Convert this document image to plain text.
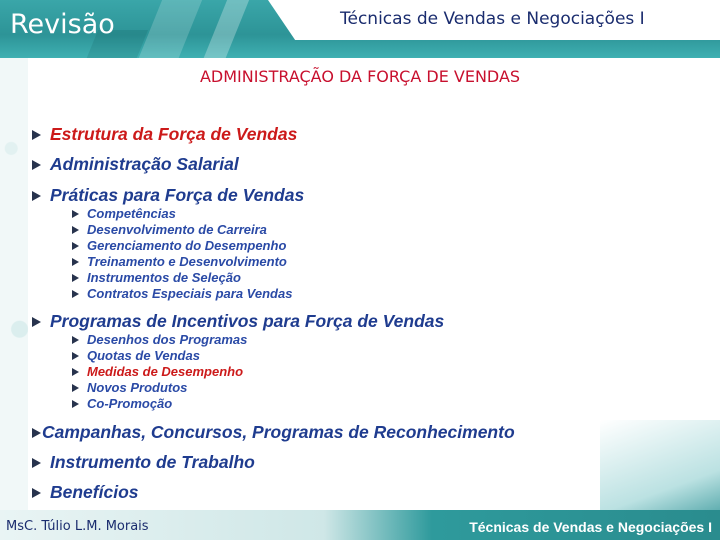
Revisão	Técnicas de Vendas e Negociações I
ADMINISTRAÇÃO DA FORÇA DE VENDAS
MsC. Túlio L.M. Morais	Técnicas de Vendas e Negociações I
Estrutura da Força de Vendas
Administração Salarial
Práticas para Força de Vendas
Competências
Desenvolvimento de Carreira
Gerenciamento do Desempenho
Treinamento e Desenvolvimento
Instrumentos de Seleção
Contratos Especiais para Vendas
Programas de Incentivos para Força de Vendas
Desenhos dos Programas
Quotas de Vendas
Medidas de Desempenho
Novos Produtos
Co-Promoção
Campanhas, Concursos, Programas de Reconhecimento
Instrumento de Trabalho
Benefícios
